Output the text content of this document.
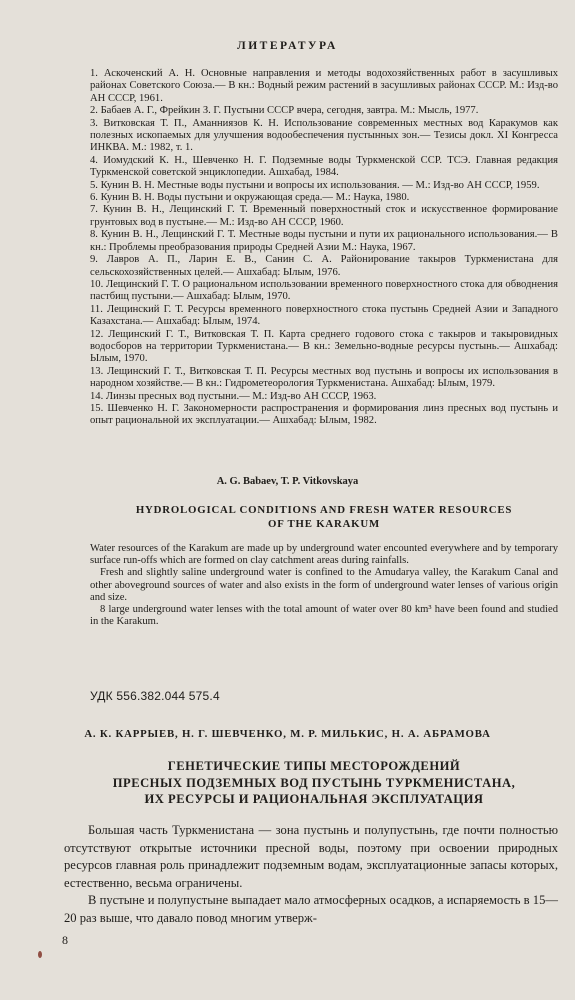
ЛИТЕРАТУРА
1. Аскоченский А. Н. Основные направления и методы водохозяйственных работ в засушливых районах Советского Союза.— В кн.: Водный режим растений в засушливых районах СССР. М.: Изд-во АН СССР, 1961.
2. Бабаев А. Г., Фрейкин З. Г. Пустыни СССР вчера, сегодня, завтра. М.: Мысль, 1977.
3. Витковская Т. П., Аманниязов К. Н. Использование современных местных вод Каракумов как полезных ископаемых для улучшения водообеспечения пустынных зон.— Тезисы докл. XI Конгресса ИНКВА. М.: 1982, т. 1.
4. Иомудский К. Н., Шевченко Н. Г. Подземные воды Туркменской ССР. ТСЭ. Главная редакция Туркменской советской энциклопедии. Ашхабад, 1984.
5. Кунин В. Н. Местные воды пустыни и вопросы их использования. — М.: Изд-во АН СССР, 1959.
6. Кунин В. Н. Воды пустыни и окружающая среда.— М.: Наука, 1980.
7. Кунин В. Н., Лещинский Г. Т. Временный поверхностный сток и искусственное формирование грунтовых вод в пустыне.— М.: Изд-во АН СССР, 1960.
8. Кунин В. Н., Лещинский Г. Т. Местные воды пустыни и пути их рационального использования.— В кн.: Проблемы преобразования природы Средней Азии М.: Наука, 1967.
9. Лавров А. П., Ларин Е. В., Санин С. А. Районирование такыров Туркменистана для сельскохозяйственных целей.— Ашхабад: Ылым, 1976.
10. Лещинский Г. Т. О рациональном использовании временного поверхностного стока для обводнения пастбищ пустыни.— Ашхабад: Ылым, 1970.
11. Лещинский Г. Т. Ресурсы временного поверхностного стока пустынь Средней Азии и Западного Казахстана.— Ашхабад: Ылым, 1974.
12. Лещинский Г. Т., Витковская Т. П. Карта среднего годового стока с такыров и такыровидных водосборов на территории Туркменистана.— В кн.: Земельно-водные ресурсы пустынь.— Ашхабад: Ылым, 1970.
13. Лещинский Г. Т., Витковская Т. П. Ресурсы местных вод пустынь и вопросы их использования в народном хозяйстве.— В кн.: Гидрометеорология Туркменистана. Ашхабад: Ылым, 1979.
14. Линзы пресных вод пустыни.— М.: Изд-во АН СССР, 1963.
15. Шевченко Н. Г. Закономерности распространения и формирования линз пресных вод пустынь и опыт рациональной их эксплуатации.— Ашхабад: Ылым, 1982.
A. G. Babaev, T. P. Vitkovskaya
HYDROLOGICAL CONDITIONS AND FRESH WATER RESOURCES
OF THE KARAKUM

Water resources of the Karakum are made up by underground water encounted everywhere and by temporary surface run-offs which are formed on clay catchment areas during rainfalls.

Fresh and slightly saline underground water is confined to the Amudarya valley, the Karakum Canal and other aboveground sources of water and also exists in the form of underground water lenses of various origin and size.

8 large underground water lenses with the total amount of water over 80 km³ have been found and studied in the Karakum.

УДК 556.382.044 575.4
А. К. КАРРЫЕВ, Н. Г. ШЕВЧЕНКО, М. Р. МИЛЬКИС, Н. А. АБРАМОВА
ГЕНЕТИЧЕСКИЕ ТИПЫ МЕСТОРОЖДЕНИЙ
ПРЕСНЫХ ПОДЗЕМНЫХ ВОД ПУСТЫНЬ ТУРКМЕНИСТАНА,
ИХ РЕСУРСЫ И РАЦИОНАЛЬНАЯ ЭКСПЛУАТАЦИЯ

Большая часть Туркменистана — зона пустынь и полупустынь, где почти полностью отсутствуют открытые источники пресной воды, поэтому при освоении природных ресурсов главная роль принадлежит подземным водам, эксплуатационные запасы которых, естественно, весьма ограничены.

В пустыне и полупустыне выпадает мало атмосферных осадков, а испаряемость в 15—20 раз выше, что давало повод многим утверж-

8
